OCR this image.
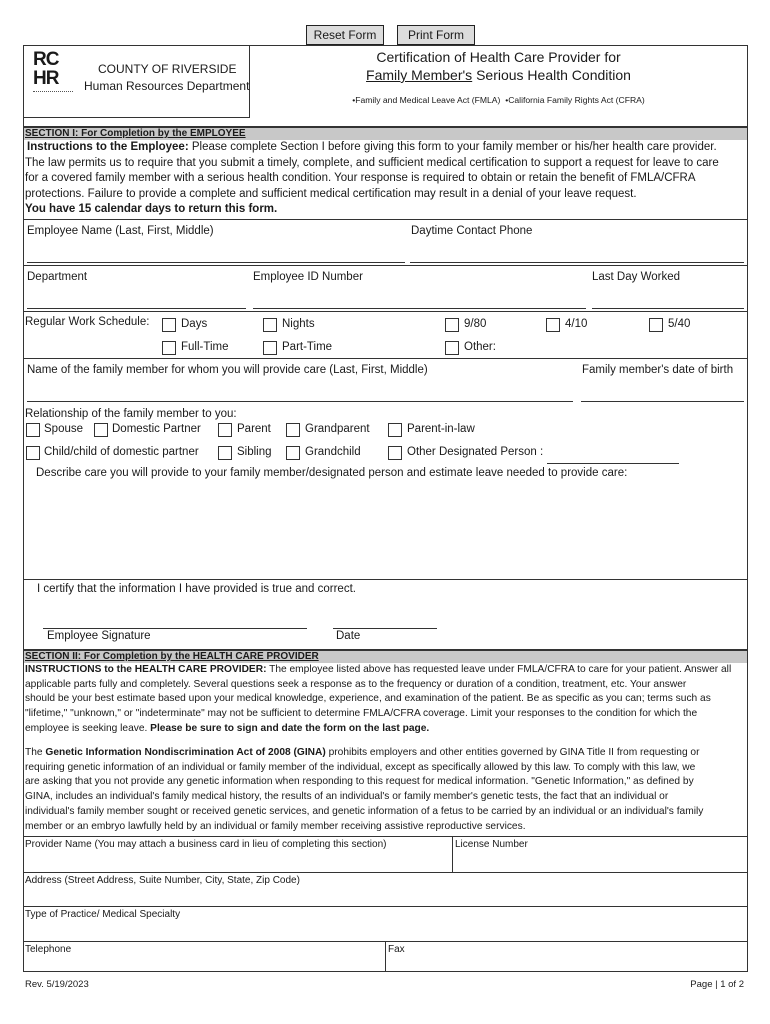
Reset Form	Print Form
RC
HR	COUNTY OF RIVERSIDE
Human Resources Department
Certification of Health Care Provider for
Family Member's Serious Health Condition
•Family and Medical Leave Act (FMLA) •California Family Rights Act (CFRA)
SECTION I: For Completion by the EMPLOYEE
Instructions to the Employee: Please complete Section I before giving this form to your family member or his/her health care provider.
The law permits us to require that you submit a timely, complete, and sufficient medical certification to support a request for leave to care
for a covered family member with a serious health condition. Your response is required to obtain or retain the benefit of FMLA/CFRA
protections. Failure to provide a complete and sufficient medical certification may result in a denial of your leave request.
You have 15 calendar days to return this form.
Employee Name (Last, First, Middle)	Daytime Contact Phone
Department	Employee ID Number	Last Day Worked
Regular Work Schedule:	Days	Nights	9/80	4/10	5/40
Full-Time	Part-Time	Other:
Name of the family member for whom you will provide care (Last, First, Middle)	Family member's date of birth
Relationship of the family member to you:
Spouse	Domestic Partner	Parent	Grandparent	Parent-in-law
Child/child of domestic partner	Sibling	Grandchild	Other Designated Person :
Describe care you will provide to your family member/designated person and estimate leave needed to provide care:
I certify that the information I have provided is true and correct.
Employee Signature	Date
SECTION II: For Completion by the HEALTH CARE PROVIDER
INSTRUCTIONS to the HEALTH CARE PROVIDER: The employee listed above has requested leave under FMLA/CFRA to care for your patient. Answer all
applicable parts fully and completely. Several questions seek a response as to the frequency or duration of a condition, treatment, etc. Your answer
should be your best estimate based upon your medical knowledge, experience, and examination of the patient. Be as specific as you can; terms such as
"lifetime," "unknown," or "indeterminate" may not be sufficient to determine FMLA/CFRA coverage. Limit your responses to the condition for which the
employee is seeking leave. Please be sure to sign and date the form on the last page.
The Genetic Information Nondiscrimination Act of 2008 (GINA) prohibits employers and other entities governed by GINA Title II from requesting or
requiring genetic information of an individual or family member of the individual, except as specifically allowed by this law. To comply with this law, we
are asking that you not provide any genetic information when responding to this request for medical information. "Genetic Information," as defined by
GINA, includes an individual's family medical history, the results of an individual's or family member's genetic tests, the fact that an individual or
individual's family member sought or received genetic services, and genetic information of a fetus to be carried by an individual or an individual's family
member or an embryo lawfully held by an individual or family member receiving assistive reproductive services.
Provider Name (You may attach a business card in lieu of completing this section)	License Number
Address (Street Address, Suite Number, City, State, Zip Code)
Type of Practice/ Medical Specialty
Telephone	Fax
Rev. 5/19/2023	Page | 1 of 2
